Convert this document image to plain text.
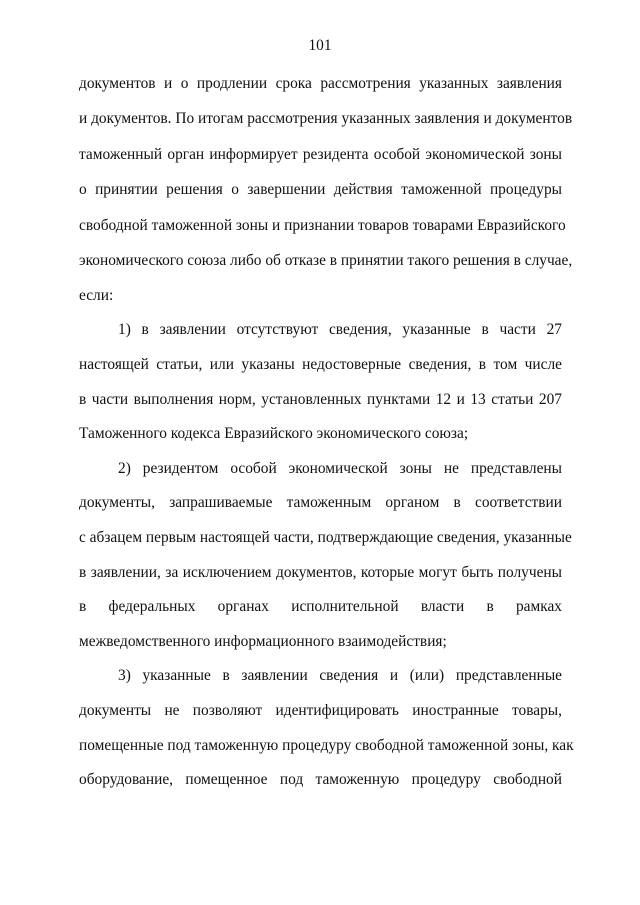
101
документов и о продлении срока рассмотрения указанных заявления
и документов. По итогам рассмотрения указанных заявления и документов
таможенный орган информирует резидента особой экономической зоны
о принятии решения о завершении действия таможенной процедуры
свободной таможенной зоны и признании товаров товарами Евразийского
экономического союза либо об отказе в принятии такого решения в случае,
если:
1) в заявлении отсутствуют сведения, указанные в части 27
настоящей статьи, или указаны недостоверные сведения, в том числе
в части выполнения норм, установленных пунктами 12 и 13 статьи 207
Таможенного кодекса Евразийского экономического союза;
2) резидентом особой экономической зоны не представлены
документы, запрашиваемые таможенным органом в соответствии
с абзацем первым настоящей части, подтверждающие сведения, указанные
в заявлении, за исключением документов, которые могут быть получены
в федеральных органах исполнительной власти в рамках
межведомственного информационного взаимодействия;
3) указанные в заявлении сведения и (или) представленные
документы не позволяют идентифицировать иностранные товары,
помещенные под таможенную процедуру свободной таможенной зоны, как
оборудование, помещенное под таможенную процедуру свободной
